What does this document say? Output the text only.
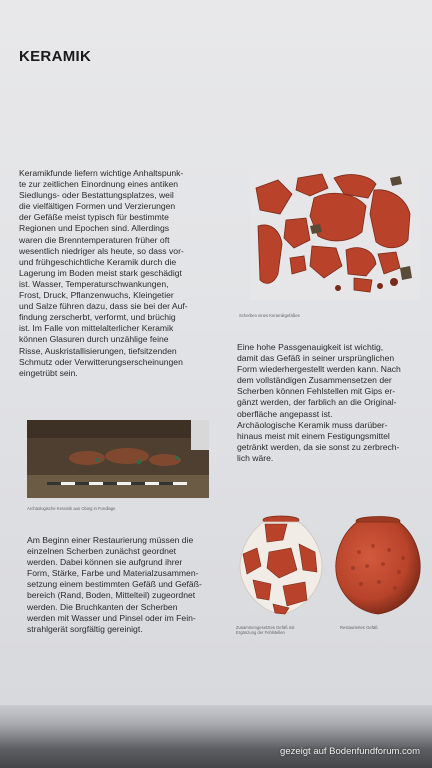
KERAMIK

Keramikfunde liefern wichtige Anhaltspunk-
te zur zeitlichen Einordnung eines antiken
Siedlungs- oder Bestattungsplatzes, weil
die vielfältigen Formen und Verzierungen
der Gefäße meist typisch für bestimmte
Regionen und Epochen sind. Allerdings
waren die Brenntemperaturen früher oft
wesentlich niedriger als heute, so dass vor-
und frühgeschichtliche Keramik durch die
Lagerung im Boden meist stark geschädigt
ist. Wasser, Temperaturschwankungen,
Frost, Druck, Pflanzenwuchs, Kleingetier
und Salze führen dazu, dass sie bei der Auf-
findung zerscherbt, verformt, und brüchig
ist. Im Falle von mittelalterlicher Keramik
können Glasuren durch unzählige feine
Risse, Auskristallisierungen, tiefsitzenden
Schmutz oder Verwitterungserscheinungen
eingetrübt sein.

Scherben eines Keramikgefäßes

Eine hohe Passgenauigkeit ist wichtig,
damit das Gefäß in seiner ursprünglichen
Form wiederhergestellt werden kann. Nach
dem vollständigen Zusammensetzen der
Scherben können Fehlstellen mit Gips er-
gänzt werden, der farblich an die Original-
oberfläche angepasst ist.
Archäologische Keramik muss darüber-
hinaus meist mit einem Festigungsmittel
getränkt werden, da sie sonst zu zerbrech-
lich wäre.

Archäologische Keramik aus Obing in Fundlage

Am Beginn einer Restaurierung müssen die
einzelnen Scherben zunächst geordnet
werden. Dabei können sie aufgrund ihrer
Form, Stärke, Farbe und Materialzusammen-
setzung einem bestimmten Gefäß und Gefäß-
bereich (Rand, Boden, Mittelteil) zugeordnet
werden. Die Bruchkanten der Scherben
werden mit Wasser und Pinsel oder im Fein-
strahlgerät sorgfältig gereinigt.	Zusammengesetztes Gefäß mit
Ergänzung der Fehlstellen
Restauriertes Gefäß

gezeigt auf Bodenfundforum.com
